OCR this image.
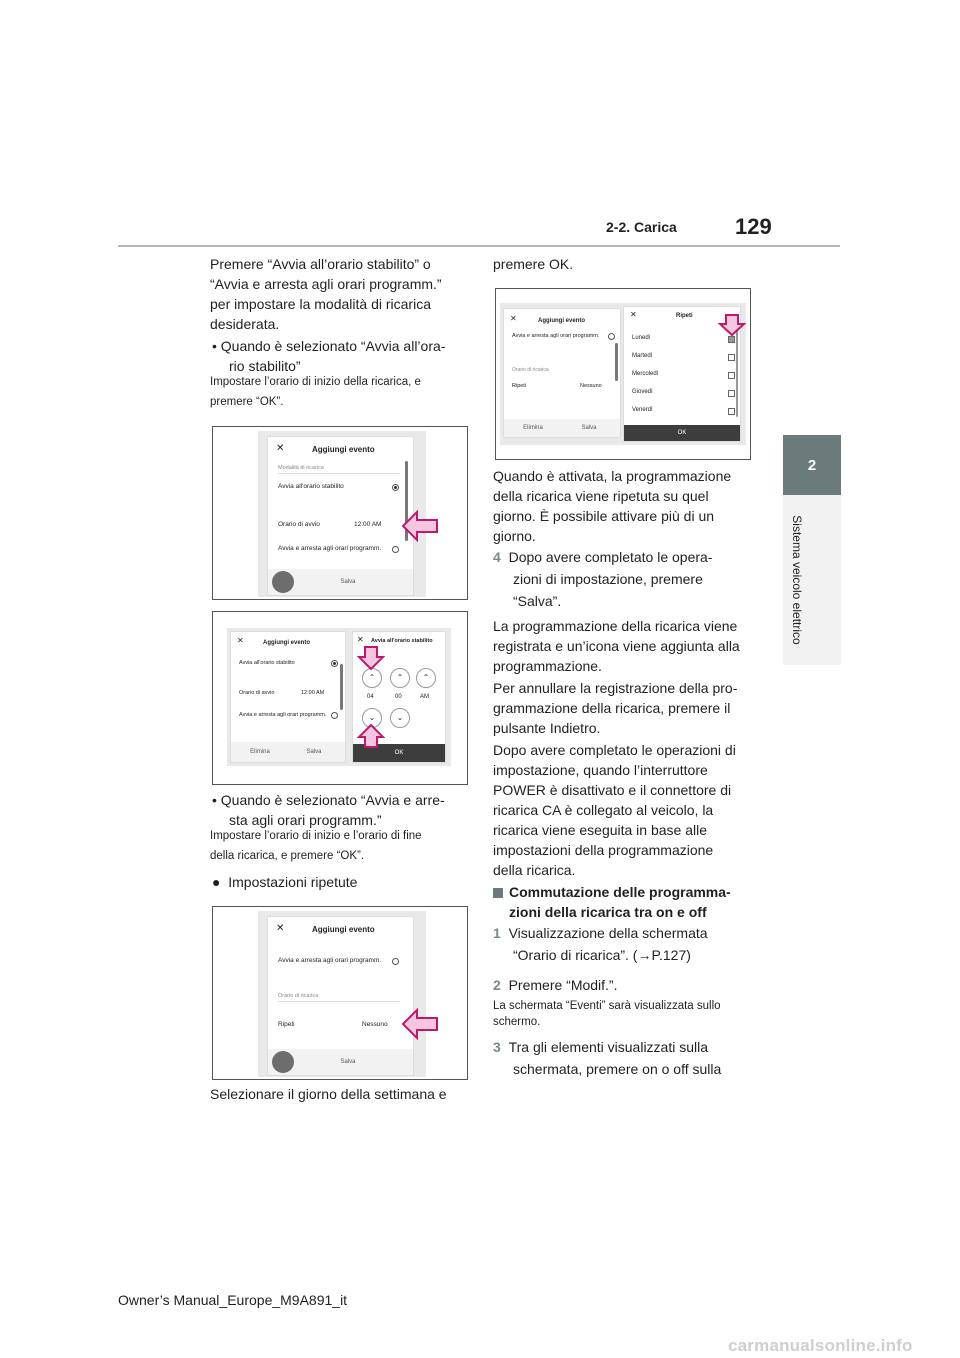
2-2. Carica	129
2
Sistema veicolo elettrico
Premere “Avvia all’orario stabilito” o
“Avvia e arresta agli orari programm.”
per impostare la modalità di ricarica
desiderata.
• Quando è selezionato “Avvia all’ora-
rio stabilito”
Impostare l’orario di inizio della ricarica, e
premere “OK”.
✕	Aggiungi evento
Modalità di ricarica
Avvia all'orario stabilito
Orario di avvio	12:00 AM
Avvia e arresta agli orari programm.
Salva
✕	Aggiungi evento
Avvia all'orario stabilito
Orario di avvio	12:00 AM
Avvia e arresta agli orari programm.
Elimina	Salva
✕ Avvia all'orario stabilito
⌃	⌃	⌃
04	00	AM
⌄	⌄
OK
• Quando è selezionato “Avvia e arre-
sta agli orari programm.”
Impostare l’orario di inizio e l’orario di fine
della ricarica, e premere “OK”.
● Impostazioni ripetute
✕	Aggiungi evento
Avvia e arresta agli orari programm.
Orario di ricarica
Ripeti	Nessuno
Salva
Selezionare il giorno della settimana e
premere OK.
✕	Aggiungi evento
Avvia e arresta agli orari programm.
Orario di ricarica
Ripeti	Nessuno
Elimina	Salva
✕	Ripeti
Lunedì
Martedì
Mercoledì
Giovedì
Venerdì
OK
Quando è attivata, la programmazione
della ricarica viene ripetuta su quel
giorno. È possibile attivare più di un
giorno.
4 Dopo avere completato le opera-
zioni di impostazione, premere
“Salva”.
La programmazione della ricarica viene
registrata e un’icona viene aggiunta alla
programmazione.
Per annullare la registrazione della pro-
grammazione della ricarica, premere il
pulsante Indietro.
Dopo avere completato le operazioni di
impostazione, quando l’interruttore
POWER è disattivato e il connettore di
ricarica CA è collegato al veicolo, la
ricarica viene eseguita in base alle
impostazioni della programmazione
della ricarica.
Commutazione delle programma-
zioni della ricarica tra on e off
1 Visualizzazione della schermata
“Orario di ricarica”. (→P.127)
2 Premere “Modif.”.
La schermata “Eventi” sarà visualizzata sullo
schermo.
3 Tra gli elementi visualizzati sulla
schermata, premere on o off sulla
Owner’s Manual_Europe_M9A891_it
carmanualsonline.info
